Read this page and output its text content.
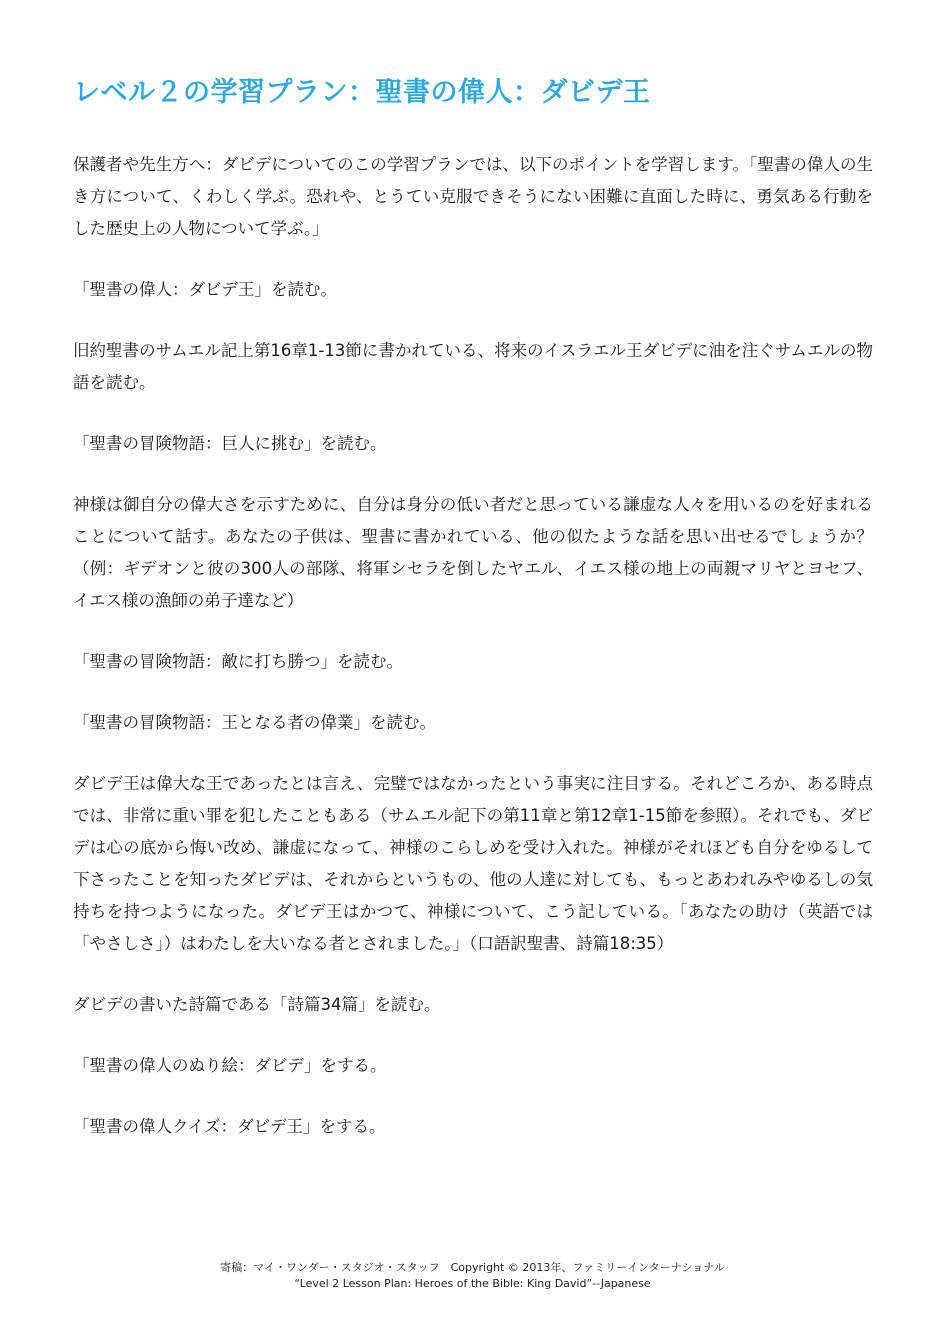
レベル２の学習プラン：聖書の偉人：ダビデ王

保護者や先生方へ：ダビデについてのこの学習プランでは、以下のポイントを学習します。「聖書の偉人の生き方について、くわしく学ぶ。恐れや、とうてい克服できそうにない困難に直面した時に、勇気ある行動をした歴史上の人物について学ぶ。」

「聖書の偉人：ダビデ王」を読む。

旧約聖書のサムエル記上第16章1-13節に書かれている、将来のイスラエル王ダビデに油を注ぐサムエルの物語を読む。

「聖書の冒険物語：巨人に挑む」を読む。

神様は御自分の偉大さを示すために、自分は身分の低い者だと思っている謙虚な人々を用いるのを好まれることについて話す。あなたの子供は、聖書に書かれている、他の似たような話を思い出せるでしょうか？（例：ギデオンと彼の300人の部隊、将軍シセラを倒したヤエル、イエス様の地上の両親マリヤとヨセフ、イエス様の漁師の弟子達など）

「聖書の冒険物語：敵に打ち勝つ」を読む。

「聖書の冒険物語：王となる者の偉業」を読む。

ダビデ王は偉大な王であったとは言え、完璧ではなかったという事実に注目する。それどころか、ある時点では、非常に重い罪を犯したこともある（サムエル記下の第11章と第12章1-15節を参照）。それでも、ダビデは心の底から悔い改め、謙虚になって、神様のこらしめを受け入れた。神様がそれほども自分をゆるして下さったことを知ったダビデは、それからというもの、他の人達に対しても、もっとあわれみやゆるしの気持ちを持つようになった。ダビデ王はかつて、神様について、こう記している。「あなたの助け（英語では「やさしさ」）はわたしを大いなる者とされました。」（口語訳聖書、詩篇18:35）

ダビデの書いた詩篇である「詩篇34篇」を読む。

「聖書の偉人のぬり絵：ダビデ」をする。

「聖書の偉人クイズ：ダビデ王」をする。

寄稿：マイ・ワンダー・スタジオ・スタッフ　Copyright © 2013年、ファミリーインターナショナル
“Level 2 Lesson Plan: Heroes of the Bible: King David”--Japanese
